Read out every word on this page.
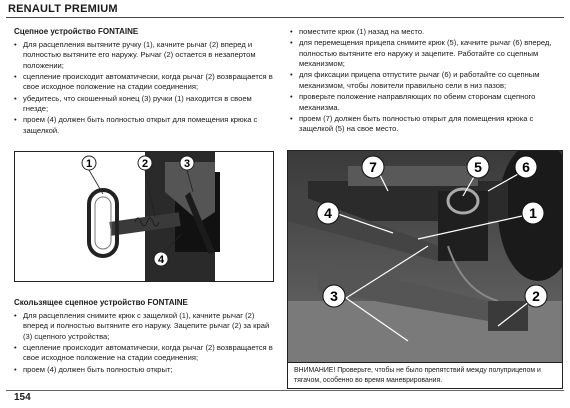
RENAULT PREMIUM
Сцепное устройство FONTAINE
• Для расцепления вытяните ручку (1), качните рычаг (2) вперед и полностью вытяните его наружу. Рычаг (2) остается в незапертом положении;
• сцепление происходит автоматически, когда рычаг (2) возвращается в свое исходное положение на стадии соединения;
• убедитесь, что скошенный конец (3) ручки (1) находится в своем гнезде;
• проем (4) должен быть полностью открыт для помещения крюка с защелкой.
1	2	3
4
Скользящее сцепное устройство FONTAINE
• Для расцепления снимите крюк с защелкой (1), качните рычаг (2) вперед и полностью вытяните его наружу. Зацепите рычаг (2) за край (3) сцепного устройства;
• сцепление происходит автоматически, когда рычаг (2) возвращается в свое исходное положение на стадии соединения;
• проем (4) должен быть полностью открыт;
• поместите крюк (1) назад на место.
• для перемещения прицепа снимите крюк (5), качните рычаг (6) вперед, полностью вытяните его наружу и зацепите. Работайте со сцепным механизмом;
• для фиксации прицепа отпустите рычаг (6) и работайте со сцепным механизмом, чтобы ловители правильно сели в низ пазов;
• проверьте положение направляющих по обеим сторонам сцепного механизма.
• проем (7) должен быть полностью открыт для помещения крюка с защелкой (5) на свое место.
7	5	6
4	1
3	2
ВНИМАНИЕ! Проверьте, чтобы не было препятствий между полуприцепом и тягачом, особенно во время маневрирования.
154
